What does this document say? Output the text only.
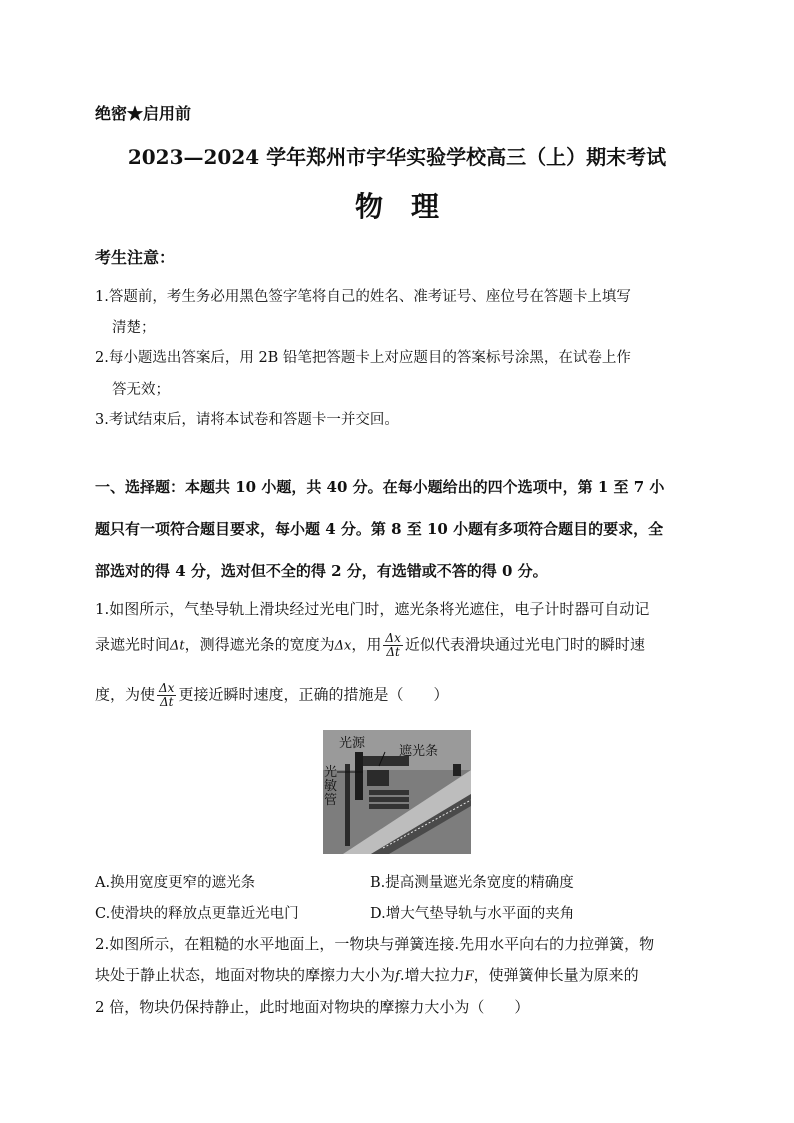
绝密★启用前
2023—2024 学年郑州市宇华实验学校高三（上）期末考试
物理
考生注意：
1.答题前，考生务必用黑色签字笔将自己的姓名、准考证号、座位号在答题卡上填写
清楚；
2.每小题选出答案后，用 2B 铅笔把答题卡上对应题目的答案标号涂黑，在试卷上作
答无效；
3.考试结束后，请将本试卷和答题卡一并交回。
一、选择题：本题共 10 小题，共 40 分。在每小题给出的四个选项中，第 1 至 7 小
题只有一项符合题目要求，每小题 4 分。第 8 至 10 小题有多项符合题目的要求，全
部选对的得 4 分，选对但不全的得 2 分，有选错或不答的得 0 分。
1.如图所示，气垫导轨上滑块经过光电门时，遮光条将光遮住，电子计时器可自动记
录遮光时间Δt，测得遮光条的宽度为Δx，用 $\frac{\Delta x}{\Delta t}$ 近似代表滑块通过光电门时的瞬时速
度，为使 $\frac{\Delta x}{\Delta t}$ 更接近瞬时速度，正确的措施是（　　）
光源
遮光条
光敏管
A.换用宽度更窄的遮光条	B.提高测量遮光条宽度的精确度
C.使滑块的释放点更靠近光电门	D.增大气垫导轨与水平面的夹角
2.如图所示，在粗糙的水平地面上，一物块与弹簧连接.先用水平向右的力拉弹簧，物
块处于静止状态，地面对物块的摩擦力大小为f.增大拉力F，使弹簧伸长量为原来的
2 倍，物块仍保持静止，此时地面对物块的摩擦力大小为（　　）
